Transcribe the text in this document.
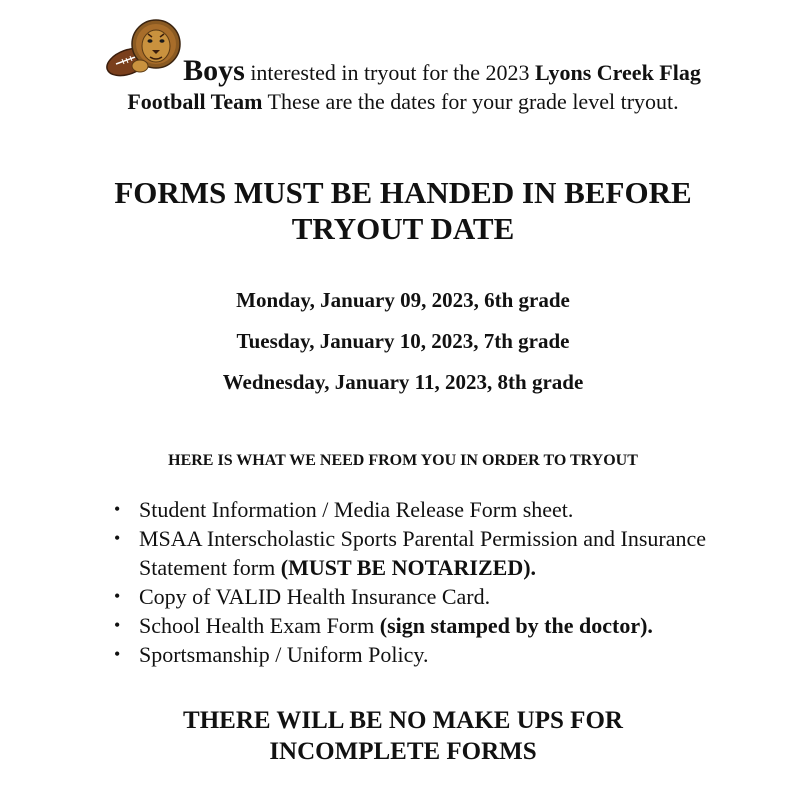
Boys interested in tryout for the 2023 Lyons Creek Flag Football Team These are the dates for your grade level tryout.
FORMS MUST BE HANDED IN BEFORE
TRYOUT DATE
Monday, January 09, 2023, 6th grade
Tuesday, January 10, 2023, 7th grade
Wednesday, January 11, 2023, 8th grade
HERE IS WHAT WE NEED FROM YOU IN ORDER TO TRYOUT
• Student Information / Media Release Form sheet.
• MSAA Interscholastic Sports Parental Permission and Insurance Statement form (MUST BE NOTARIZED).
• Copy of VALID Health Insurance Card.
• School Health Exam Form (sign stamped by the doctor).
• Sportsmanship / Uniform Policy.
THERE WILL BE NO MAKE UPS FOR
INCOMPLETE FORMS
